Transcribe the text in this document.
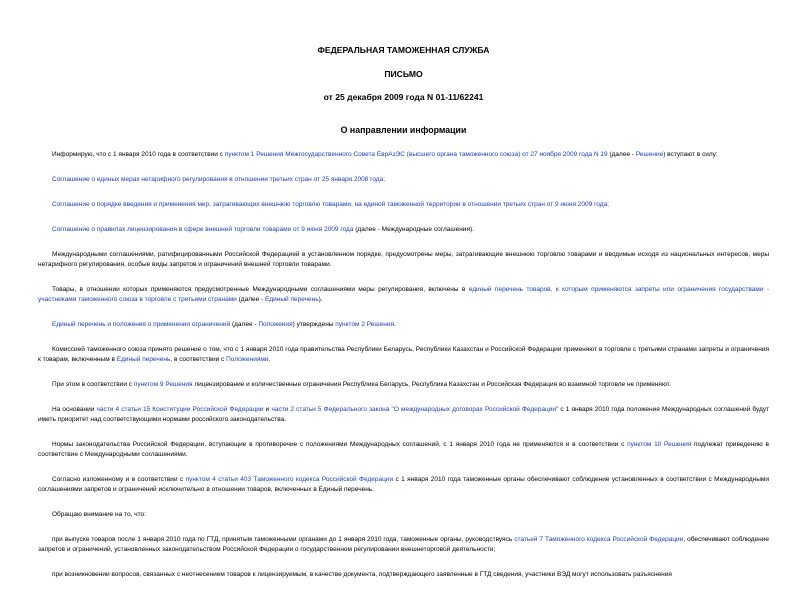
ФЕДЕРАЛЬНАЯ ТАМОЖЕННАЯ СЛУЖБА
ПИСЬМО
от 25 декабря 2009 года N 01-11/62241
О направлении информации

Информирую, что с 1 января 2010 года в соответствии с пунктом 1 Решения Межгосударственного Совета ЕврАзЭС (высшего органа таможенного союза) от 27 ноября 2009 года N 19 (далее - Решение) вступают в силу:

Соглашение о единых мерах нетарифного регулирования в отношении третьих стран от 25 января 2008 года;

Соглашение о порядке введения и применения мер, затрагивающих внешнюю торговлю товарами, на единой таможенной территории в отношении третьих стран от 9 июня 2009 года;

Соглашение о правилах лицензирования в сфере внешней торговли товарами от 9 июня 2009 года (далее - Международные соглашения).

Международными соглашениями, ратифицированными Российской Федерацией в установленном порядке, предусмотрены меры, затрагивающие внешнюю торговлю товарами и вводимые исходя из национальных интересов, меры нетарифного регулирования, особые виды запретов и ограничений внешней торговли товарами.

Товары, в отношении которых применяются предусмотренные Международными соглашениями меры регулирования, включены в единый перечень товаров, к которым применяются запреты или ограничения государствами - участниками таможенного союза в торговле с третьими странами (далее - Единый перечень).

Единый перечень и положения о применении ограничений (далее - Положения) утверждены пунктом 2 Решения.

Комиссией таможенного союза принято решение о том, что с 1 января 2010 года правительства Республики Беларусь, Республики Казахстан и Российской Федерации применяют в торговле с третьими странами запреты и ограничения к товарам, включенным в Единый перечень, в соответствии с Положениями.

При этом в соответствии с пунктом 9 Решения лицензирование и количественные ограничения Республика Беларусь, Республика Казахстан и Российская Федерация во взаимной торговле не применяют.

На основании части 4 статьи 15 Конституции Российской Федерации и части 2 статьи 5 Федерального закона "О международных договорах Российской Федерации" с 1 января 2010 года положения Международных соглашений будут иметь приоритет над соответствующими нормами российского законодательства.

Нормы законодательства Российской Федерации, вступающие в противоречие с положениями Международных соглашений, с 1 января 2010 года не применяются и в соответствии с пунктом 10 Решения подлежат приведению в соответствие с Международными соглашениями.

Согласно изложенному и в соответствии с пунктом 4 статьи 403 Таможенного кодекса Российской Федерации с 1 января 2010 года таможенные органы обеспечивают соблюдение установленных в соответствии с Международными соглашениями запретов и ограничений исключительно в отношении товаров, включенных в Единый перечень.

Обращаю внимание на то, что:

при выпуске товаров после 1 января 2010 года по ГТД, принятым таможенными органами до 1 января 2010 года, таможенные органы, руководствуясь статьей 7 Таможенного кодекса Российской Федерации, обеспечивают соблюдение запретов и ограничений, установленных законодательством Российской Федерации о государственном регулировании внешнеторговой деятельности;

при возникновении вопросов, связанных с неотнесением товаров к лицензируемым, в качестве документа, подтверждающего заявленные в ГТД сведения, участники ВЭД могут использовать разъяснения
